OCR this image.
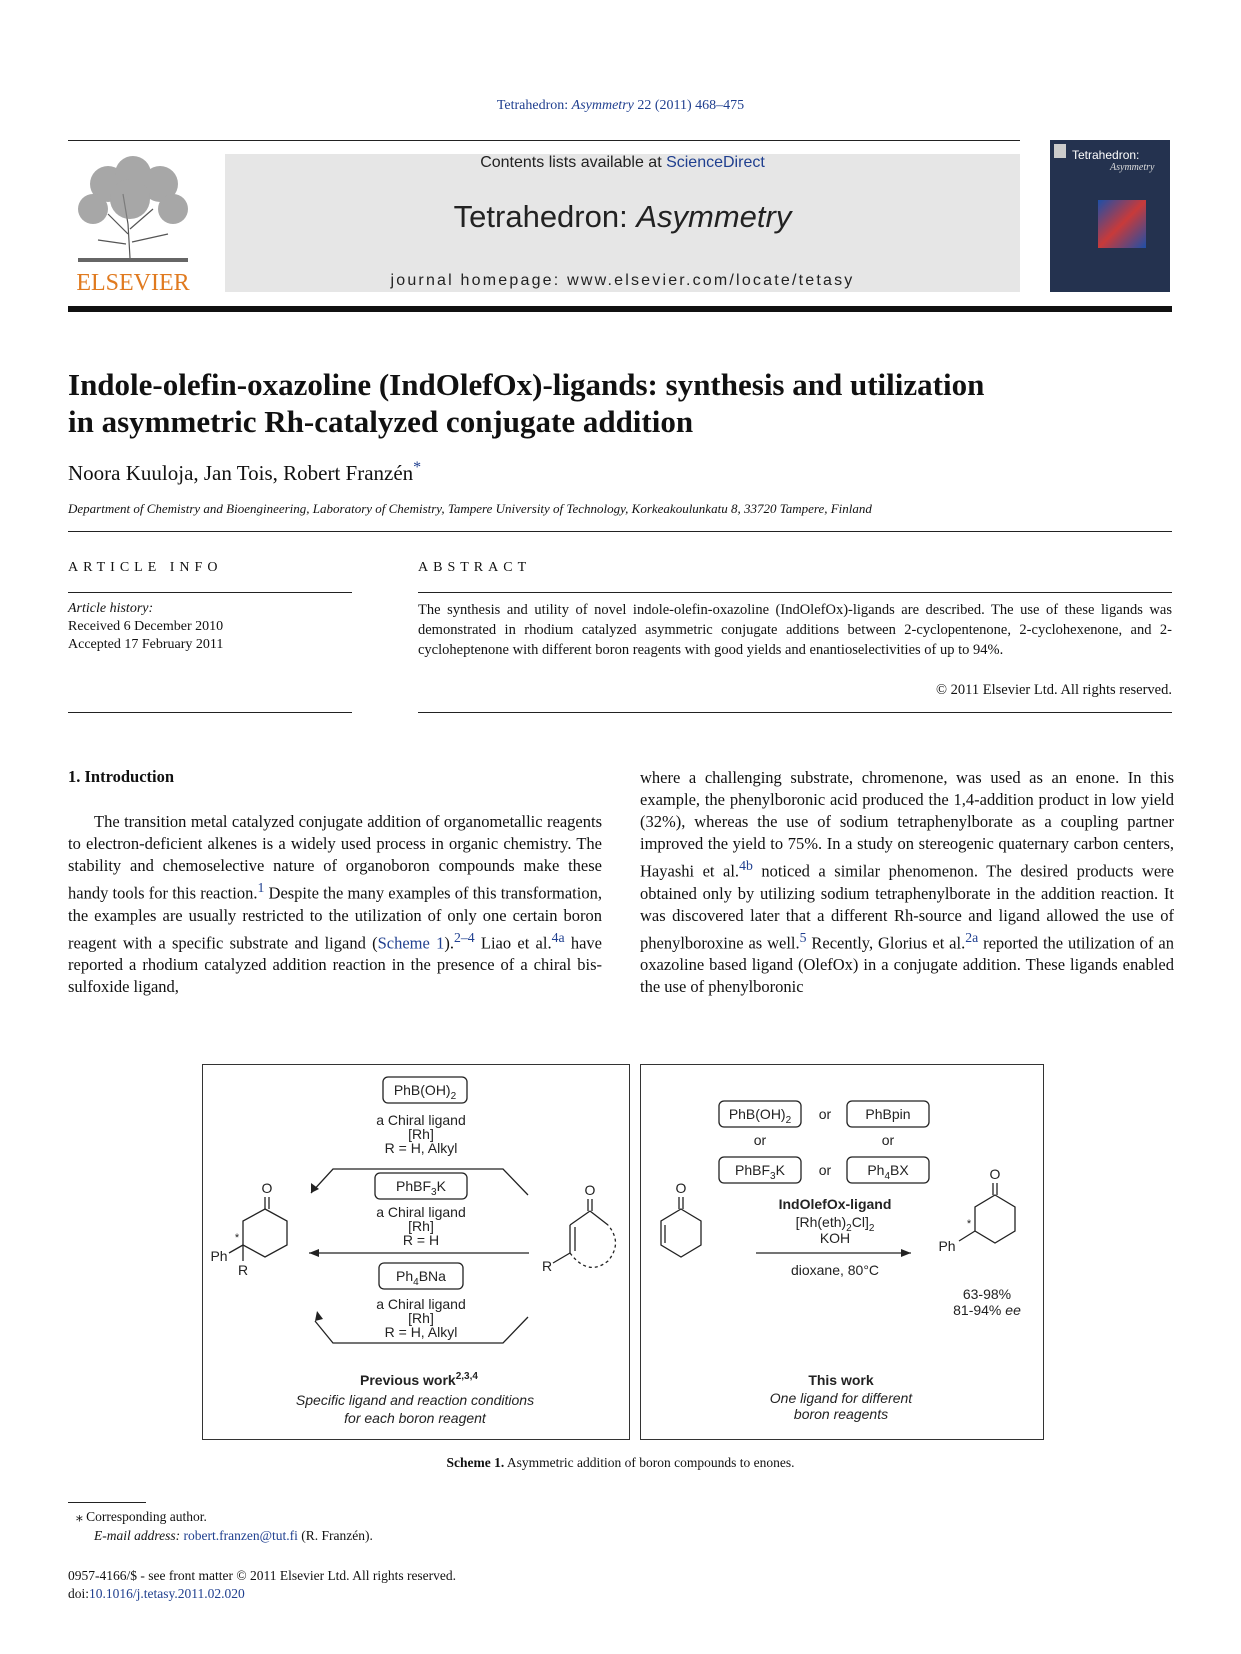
Tetrahedron: Asymmetry 22 (2011) 468–475
ELSEVIER
Contents lists available at ScienceDirect
Tetrahedron: Asymmetry
journal homepage: www.elsevier.com/locate/tetasy
Tetrahedron:
Asymmetry
Indole-olefin-oxazoline (IndOlefOx)-ligands: synthesis and utilization
in asymmetric Rh-catalyzed conjugate addition
Noora Kuuloja, Jan Tois, Robert Franzén*
Department of Chemistry and Bioengineering, Laboratory of Chemistry, Tampere University of Technology, Korkeakoulunkatu 8, 33720 Tampere, Finland
ARTICLE INFO
Article history:
Received 6 December 2010
Accepted 17 February 2011
ABSTRACT
The synthesis and utility of novel indole-olefin-oxazoline (IndOlefOx)-ligands are described. The use of these ligands was demonstrated in rhodium catalyzed asymmetric conjugate additions between 2-cyclopentenone, 2-cyclohexenone, and 2-cycloheptenone with different boron reagents with good yields and enantioselectivities of up to 94%.
© 2011 Elsevier Ltd. All rights reserved.
1. Introduction
The transition metal catalyzed conjugate addition of organometallic reagents to electron-deficient alkenes is a widely used process in organic chemistry. The stability and chemoselective nature of organoboron compounds make these handy tools for this reaction.$^1$ Despite the many examples of this transformation, the examples are usually restricted to the utilization of only one certain boron reagent with a specific substrate and ligand (Scheme 1).$^{2-4}$ Liao et al.$^{4a}$ have reported a rhodium catalyzed addition reaction in the presence of a chiral bis-sulfoxide ligand,
where a challenging substrate, chromenone, was used as an enone. In this example, the phenylboronic acid produced the 1,4-addition product in low yield (32%), whereas the use of sodium tetraphenylborate as a coupling partner improved the yield to 75%. In a study on stereogenic quaternary carbon centers, Hayashi et al.$^{4b}$ noticed a similar phenomenon. The desired products were obtained only by utilizing sodium tetraphenylborate in the addition reaction. It was discovered later that a different Rh-source and ligand allowed the use of phenylboroxine as well.$^5$ Recently, Glorius et al.$^{2a}$ reported the utilization of an oxazoline based ligand (OlefOx) in a conjugate addition. These ligands enabled the use of phenylboronic
$PhB(OH)_2$
a Chiral ligand
[Rh]
R = H, Alkyl
PhBF$_3$K
a Chiral ligand
[Rh]
R = H
$Ph_4BNa$
a Chiral ligand
[Rh]
R = H, Alkyl
O
Ph
R
*
O
R
Previous work$^{2,3,4}$
Specific ligand and reaction conditions
for each boron reagent
$PhB(OH)_2$ or PhBpin
or	or
PhBF$_3$K or	$Ph_4BX$
IndOlefOx-ligand
$[Rh(eth)_2Cl]_2$
KOH
dioxane, 80°C
O
O
Ph
*
63-98%
81-94% ee
This work
One ligand for different
boron reagents
Scheme 1. Asymmetric addition of boron compounds to enones.
⁎ Corresponding author.
E-mail address: robert.franzen@tut.fi (R. Franzén).
0957-4166/$ - see front matter © 2011 Elsevier Ltd. All rights reserved.
doi:10.1016/j.tetasy.2011.02.020
